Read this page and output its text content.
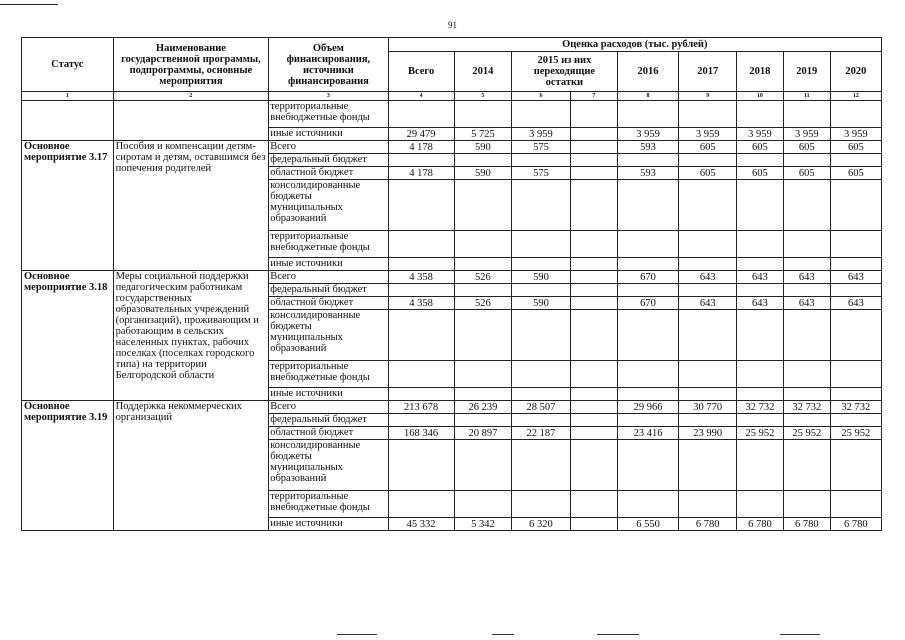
91
Статус	Наименование государственной программы, подпрограммы, основные мероприятия	Объем финансирования, источники финансирования	Оценка расходов (тыс. рублей)								
			Всего	2014	2015 из них переходящие остатки		2016	2017	2018	2019	2020
1	2	3	4	5	6	7	8	9	10	11	12
		территориальные внебюджетные фонды									
		иные источники	29 479	5 725	3 959		3 959	3 959	3 959	3 959	3 959
Основное мероприятие 3.17	Пособия и компенсации детям-сиротам и детям, оставшимся без попечения родителей	Всего	4 178	590	575		593	605	605	605	605
		федеральный бюджет									
		областной бюджет	4 178	590	575		593	605	605	605	605
		консолидированные бюджеты муниципальных образований									
		территориальные внебюджетные фонды									
		иные источники									
Основное мероприятие 3.18	Меры социальной поддержки педагогическим работникам государственных образовательных учреждений (организаций), проживающим и работающим в сельских населенных пунктах, рабочих поселках (поселках городского типа) на территории Белгородской области	Всего	4 358	526	590		670	643	643	643	643
		федеральный бюджет									
		областной бюджет	4 358	526	590		670	643	643	643	643
		консолидированные бюджеты муниципальных образований									
		территориальные внебюджетные фонды									
		иные источники									
Основное мероприятие 3.19	Поддержка некоммерческих организаций	Всего	213 678	26 239	28 507		29 966	30 770	32 732	32 732	32 732
		федеральный бюджет									
		областной бюджет	168 346	20 897	22 187		23 416	23 990	25 952	25 952	25 952
		консолидированные бюджеты муниципальных образований									
		территориальные внебюджетные фонды									
		иные источники	45 332	5 342	6 320		6 550	6 780	6 780	6 780	6 780
